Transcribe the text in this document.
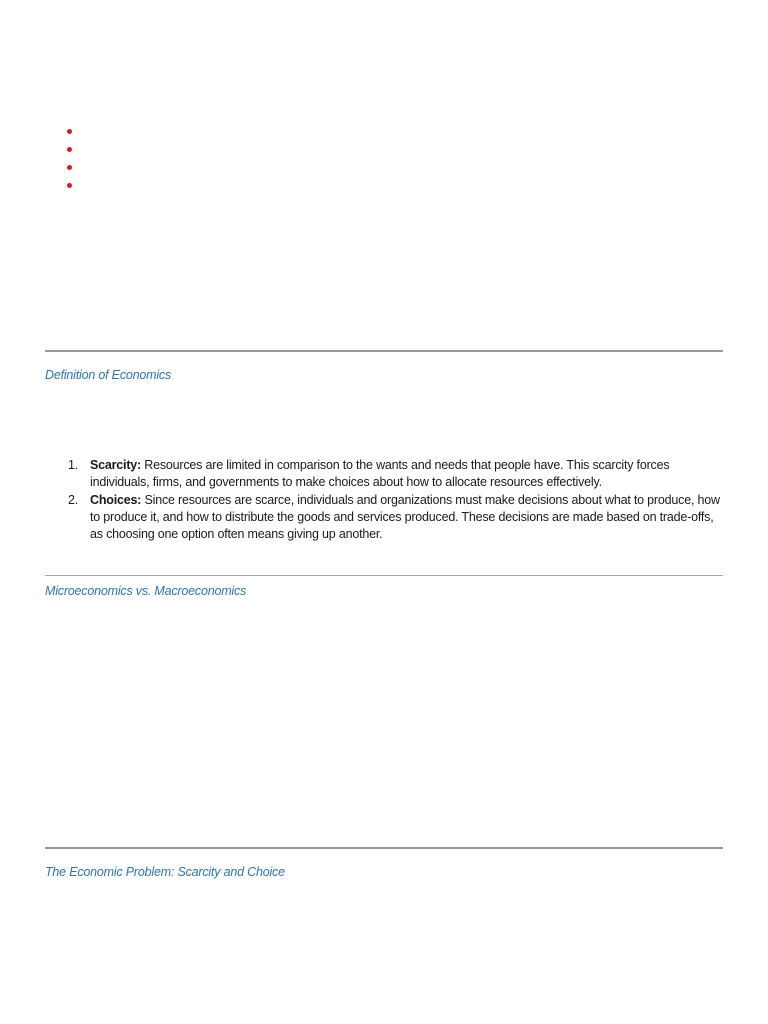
Definition of Economics
1. Scarcity: Resources are limited in comparison to the wants and needs that people have. This scarcity forces individuals, firms, and governments to make choices about how to allocate resources effectively.
2. Choices: Since resources are scarce, individuals and organizations must make decisions about what to produce, how to produce it, and how to distribute the goods and services produced. These decisions are made based on trade-offs, as choosing one option often means giving up another.
Microeconomics vs. Macroeconomics
The Economic Problem: Scarcity and Choice
